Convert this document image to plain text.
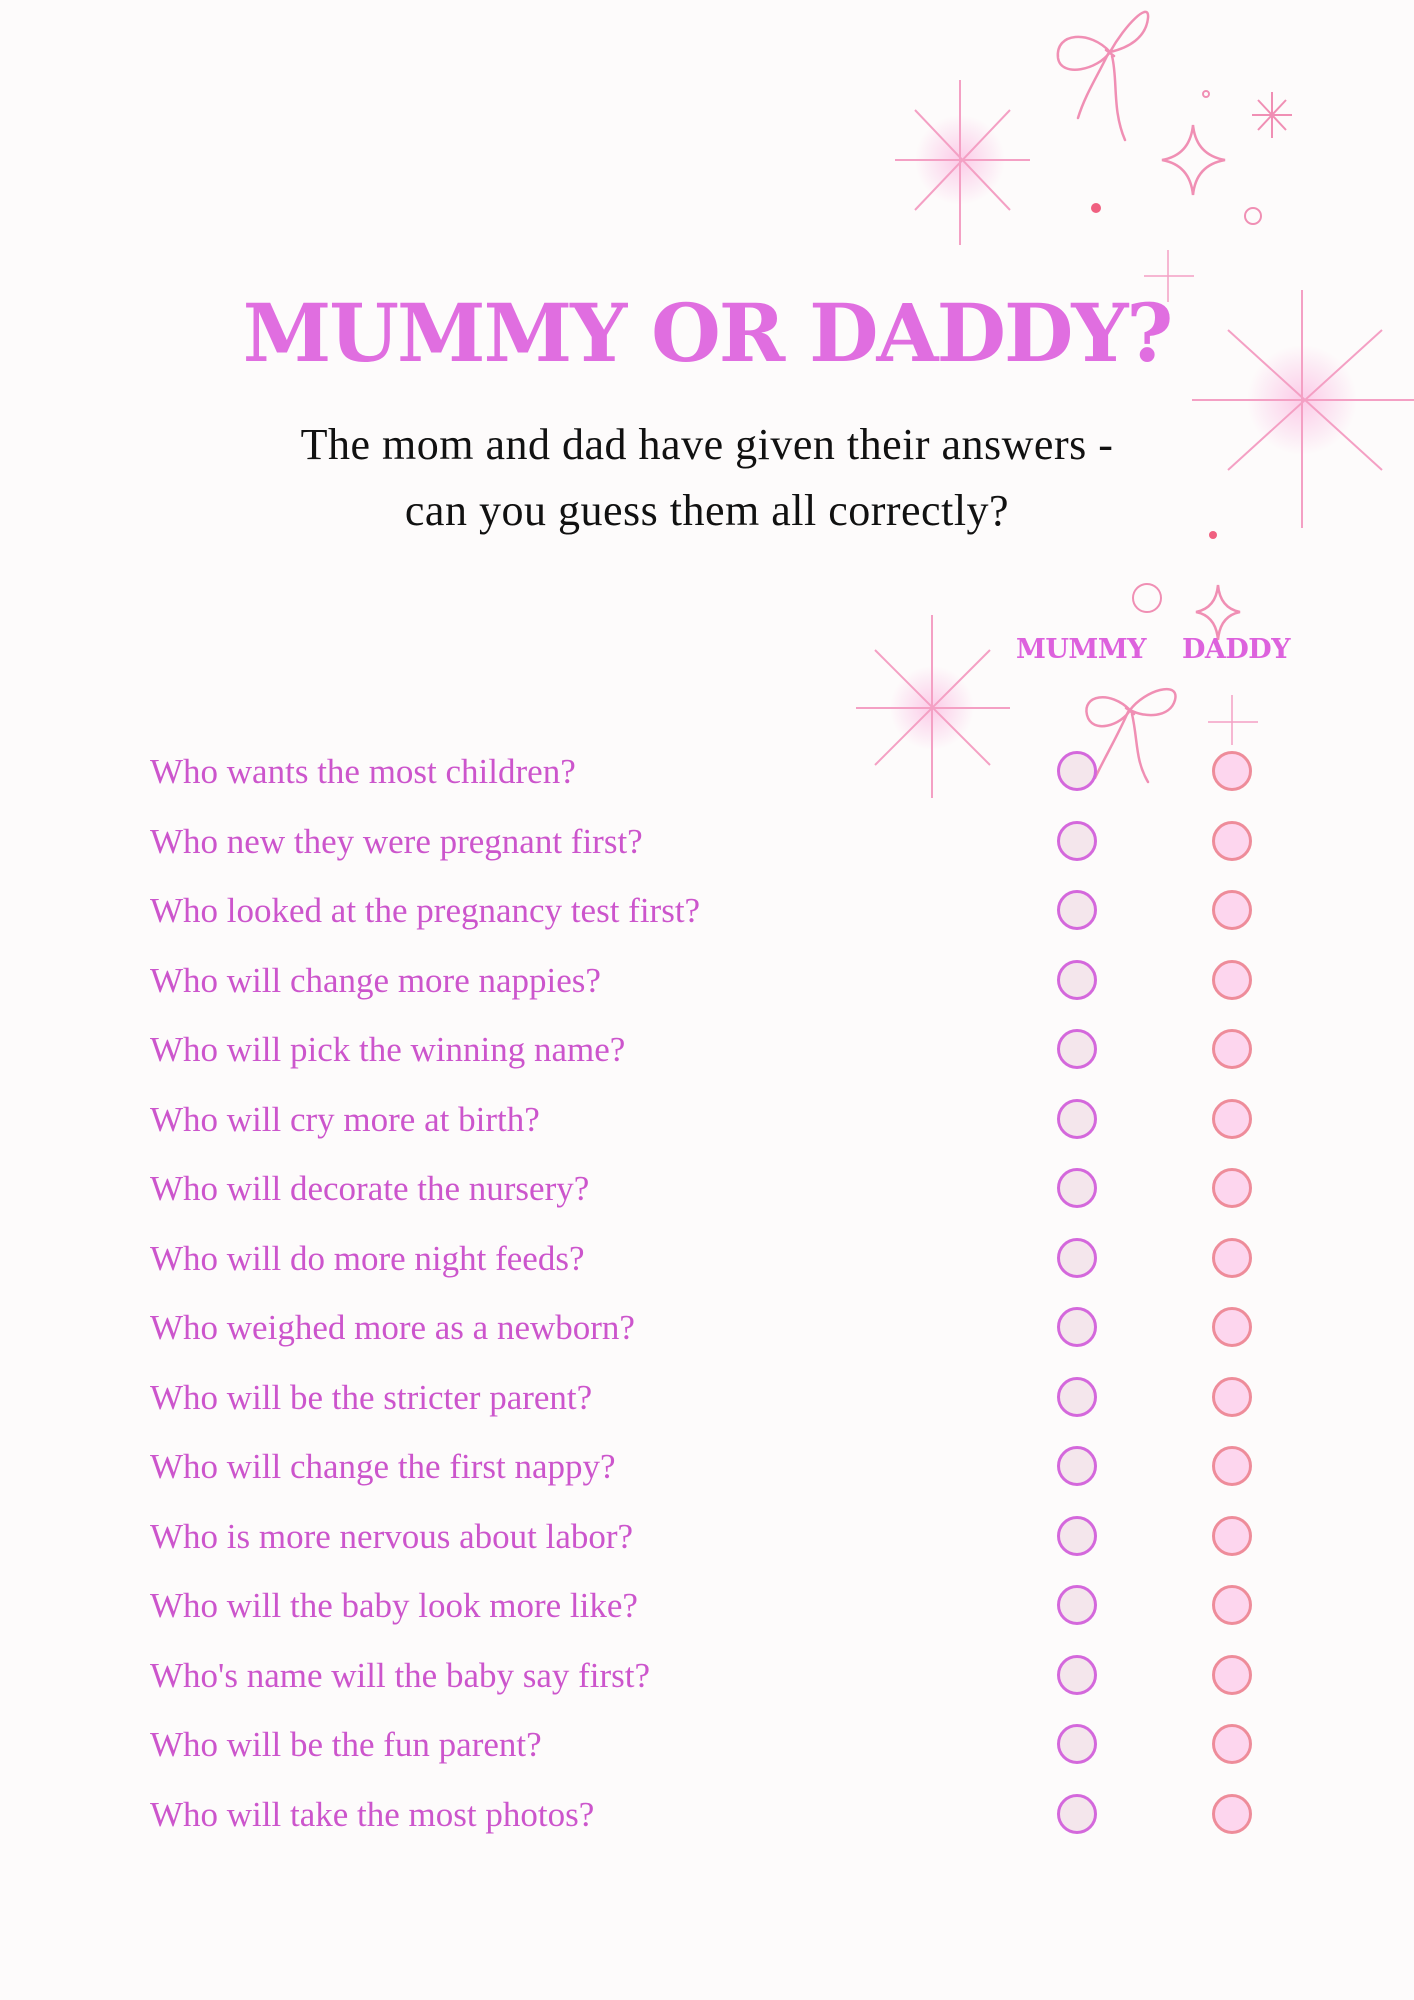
MUMMY OR DADDY?
The mom and dad have given their answers -
can you guess them all correctly?
MUMMY DADDY
Who wants the most children?
Who new they were pregnant first?
Who looked at the pregnancy test first?
Who will change more nappies?
Who will pick the winning name?
Who will cry more at birth?
Who will decorate the nursery?
Who will do more night feeds?
Who weighed more as a newborn?
Who will be the stricter parent?
Who will change the first nappy?
Who is more nervous about labor?
Who will the baby look more like?
Who's name will the baby say first?
Who will be the fun parent?
Who will take the most photos?
